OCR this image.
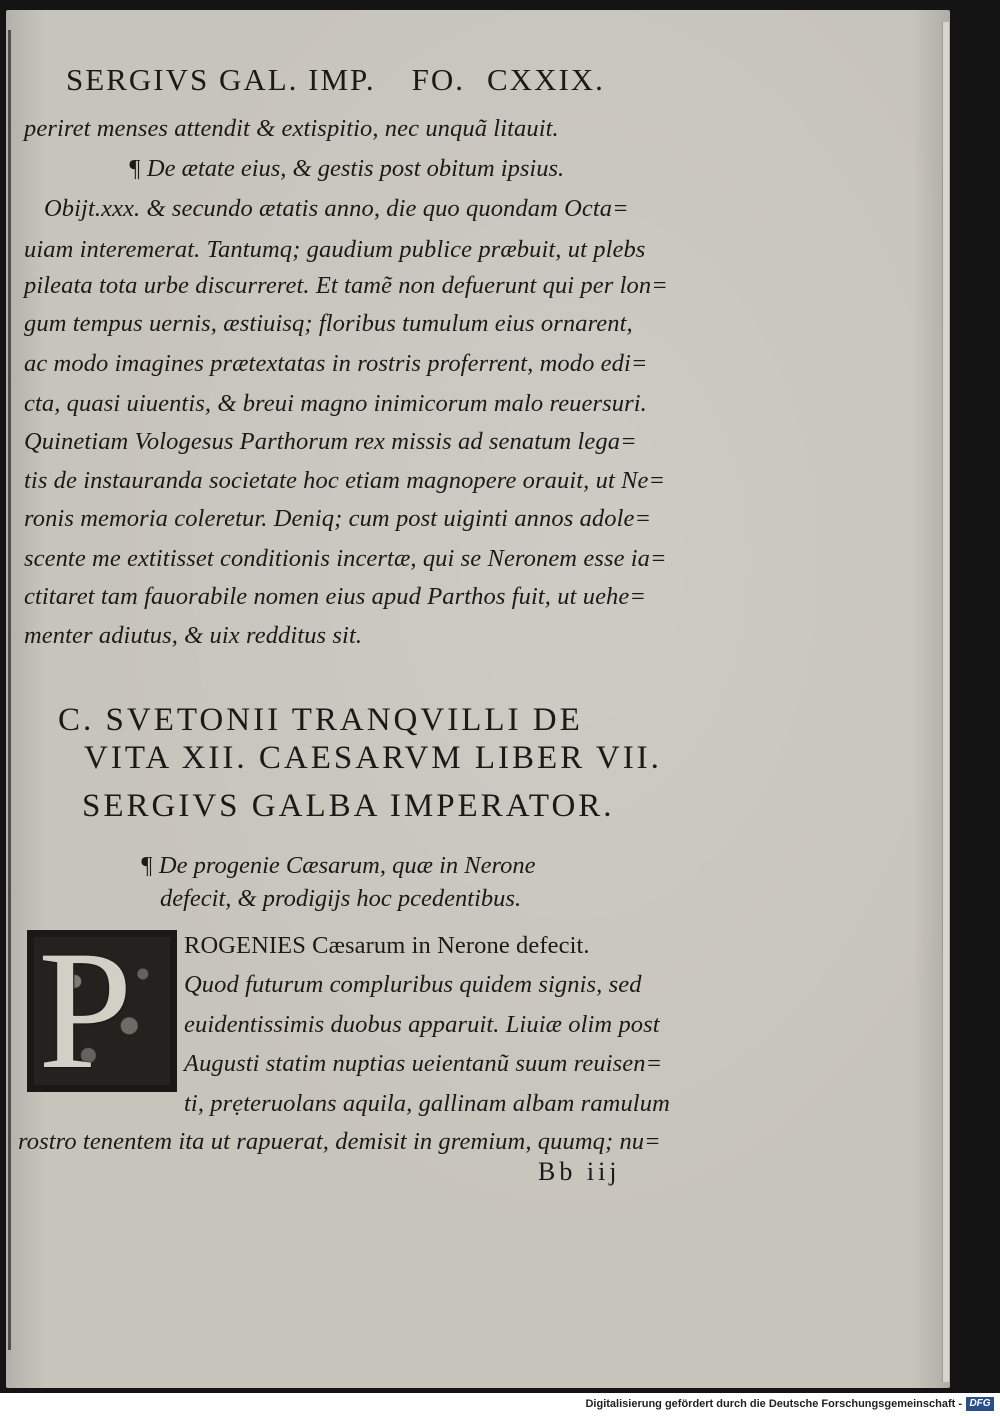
SERGIVS GAL. IMP. FO. CXXIX.
periret menses attendit & extispitio, nec unquã litauit.
¶ De ætate eius, & gestis post obitum ipsius.
Obijt.xxx. & secundo ætatis anno, die quo quondam Octa=
uiam interemerat. Tantumq; gaudium publice præbuit, ut plebs
pileata tota urbe discurreret. Et tamẽ non defuerunt qui per lon=
gum tempus uernis, æstiuisq; floribus tumulum eius ornarent,
ac modo imagines prætextatas in rostris proferrent, modo edi=
cta, quasi uiuentis, & breui magno inimicorum malo reuersuri.
Quinetiam Vologesus Parthorum rex missis ad senatum lega=
tis de instauranda societate hoc etiam magnopere orauit, ut Ne=
ronis memoria coleretur. Deniq; cum post uiginti annos adole=
scente me extitisset conditionis incertæ, qui se Neronem esse ia=
ctitaret tam fauorabile nomen eius apud Parthos fuit, ut uehe=
menter adiutus, & uix redditus sit.
C. SVETONII TRANQVILLI DE
VITA XII. CAESARVM LIBER VII.
SERGIVS GALBA IMPERATOR.
¶ De progenie Cæsarum, quæ in Nerone
defecit, & prodigijs hoc pcedentibus.
P ROGENIES Cæsarum in Nerone defecit.
Quod futurum compluribus quidem signis, sed
euidentissimis duobus apparuit. Liuiæ olim post
Augusti statim nuptias ueientanũ suum reuisen=
ti, prẹteruolans aquila, gallinam albam ramulum
rostro tenentem ita ut rapuerat, demisit in gremium, quumq; nu=
Bb iij
Digitalisierung gefördert durch die Deutsche Forschungsgemeinschaft - DFG
